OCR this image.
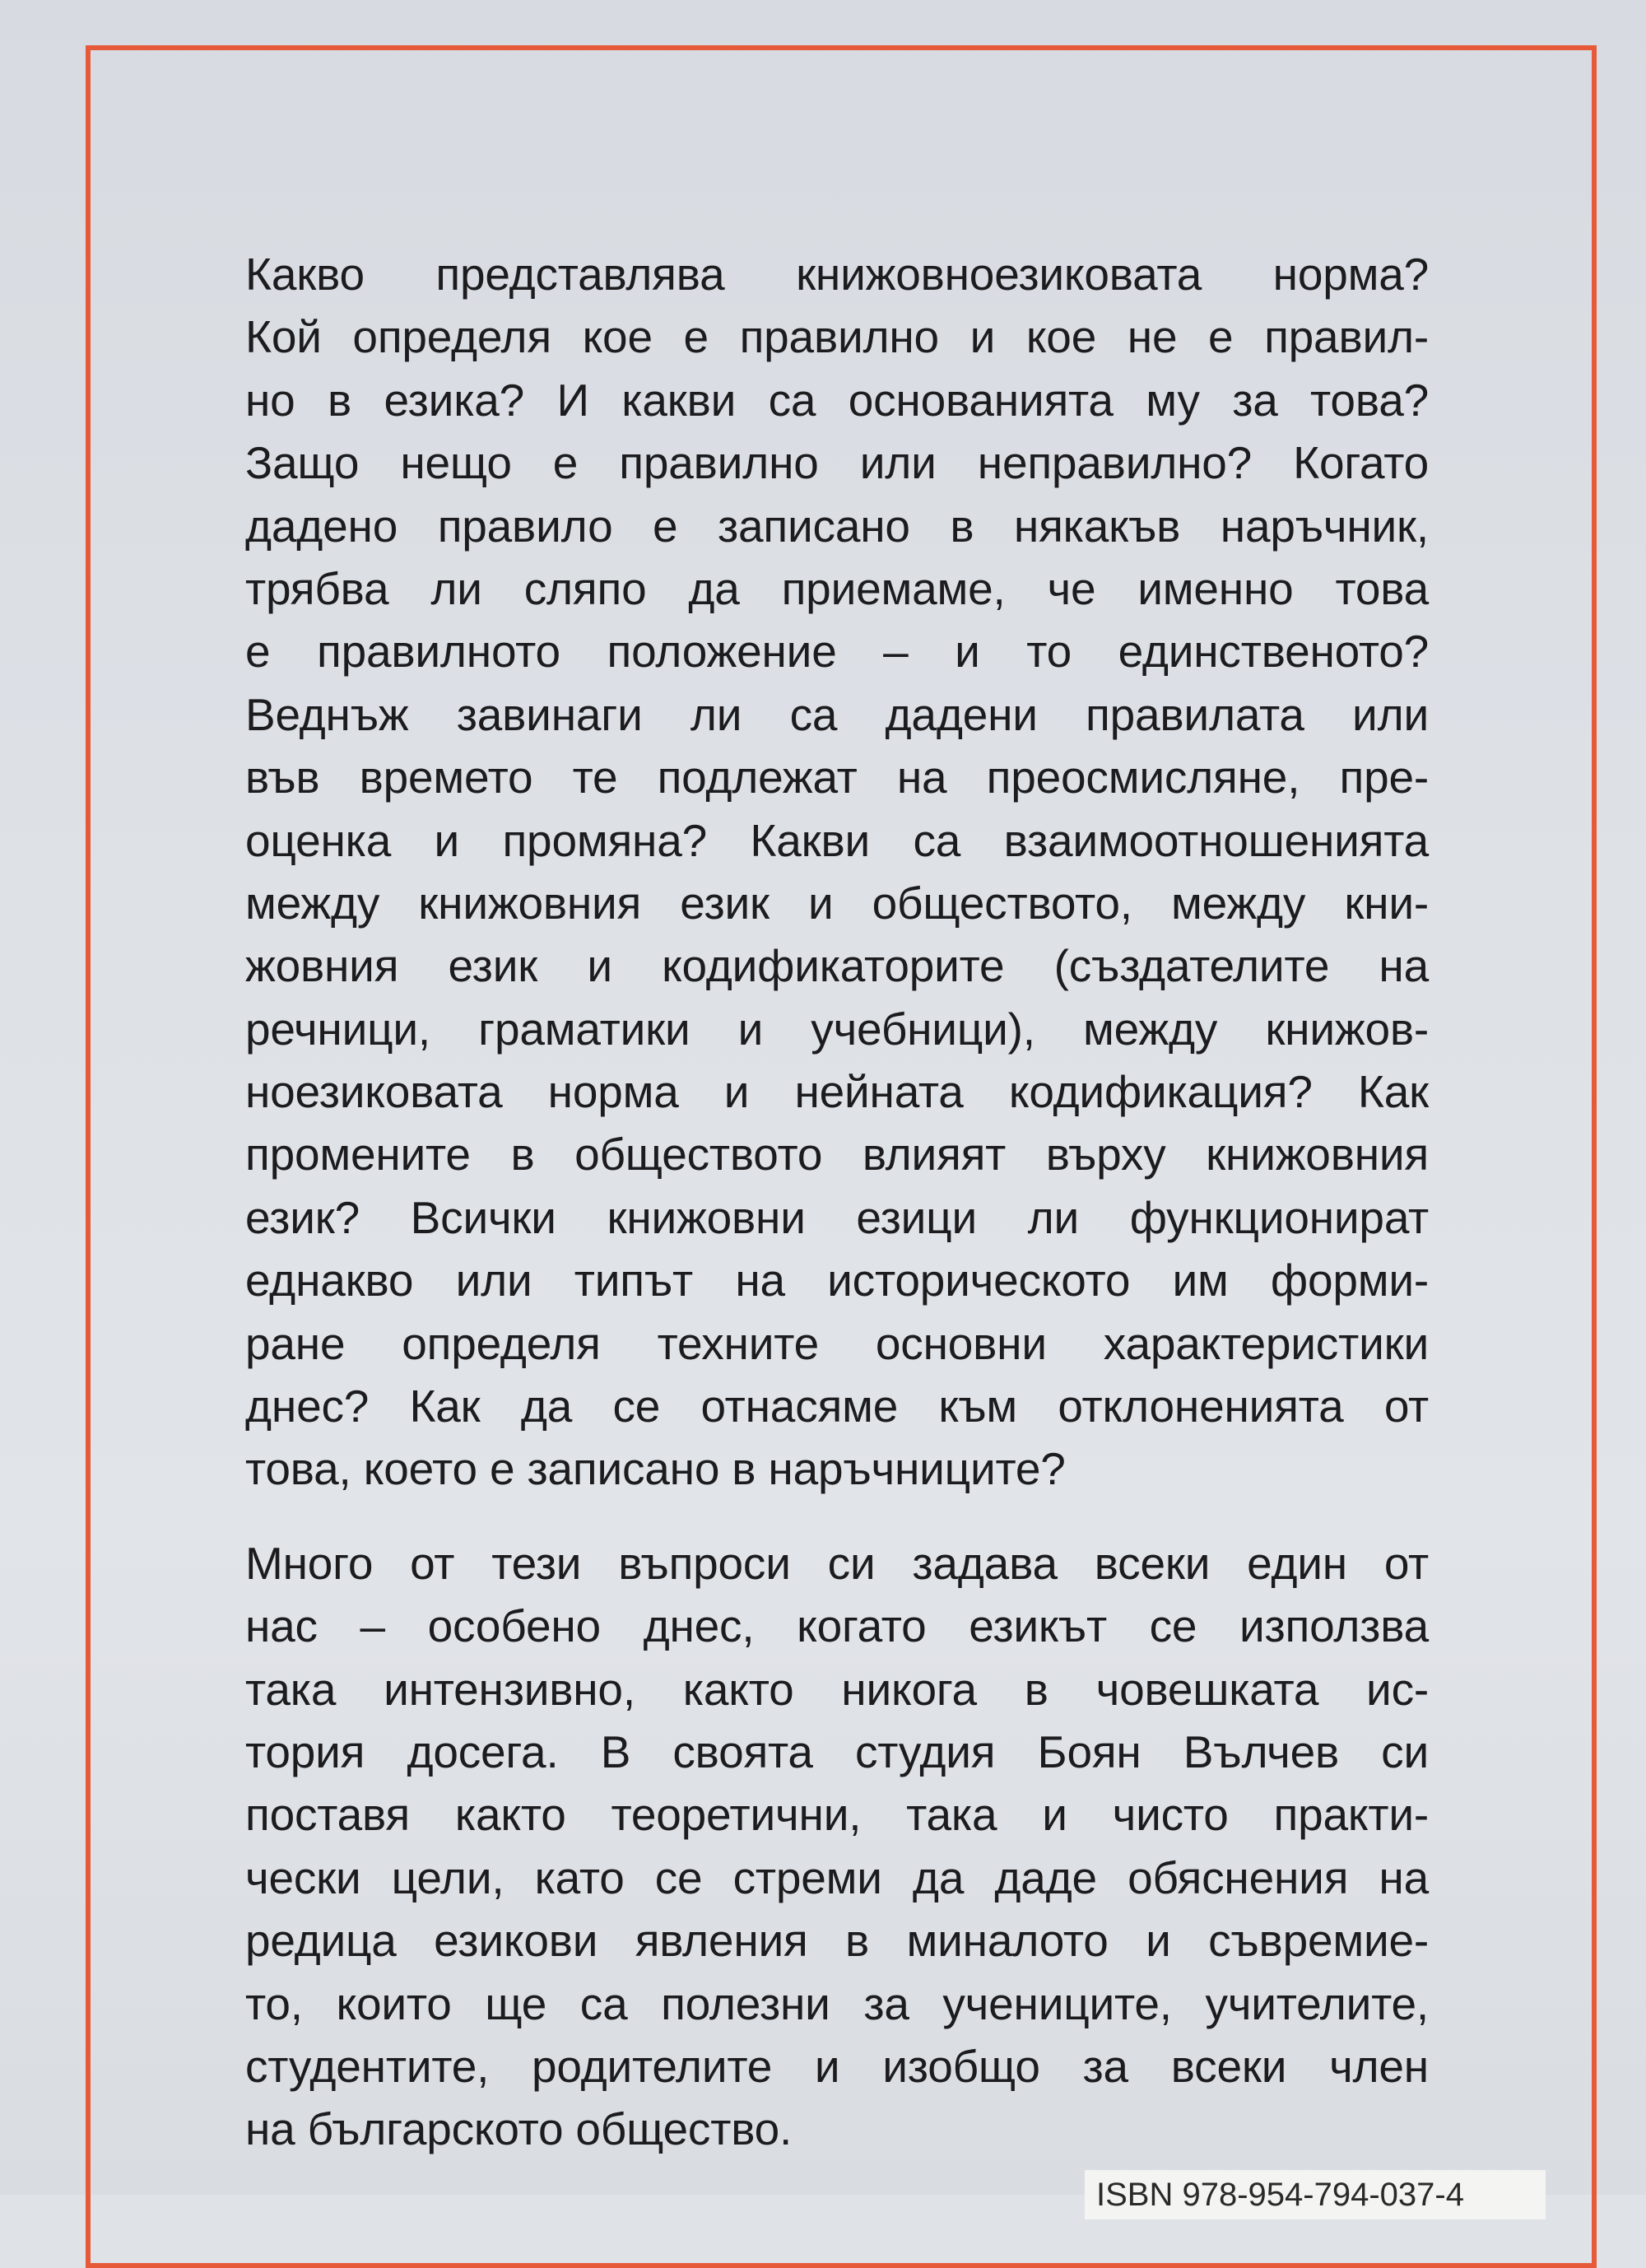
Какво представлява книжовноезиковата норма?
Кой определя кое е правилно и кое не е правил-
но в езика? И какви са основанията му за това?
Защо нещо е правилно или неправилно? Когато
дадено правило е записано в някакъв наръчник,
трябва ли сляпо да приемаме, че именно това
е правилното положение – и то единственото?
Веднъж завинаги ли са дадени правилата или
във времето те подлежат на преосмисляне, пре-
оценка и промяна? Какви са взаимоотношенията
между книжовния език и обществото, между кни-
жовния език и кодификаторите (създателите на
речници, граматики и учебници), между книжов-
ноезиковата норма и нейната кодификация? Как
промените в обществото влияят върху книжовния
език? Всички книжовни езици ли функционират
еднакво или типът на историческото им форми-
ране определя техните основни характеристики
днес? Как да се отнасяме към отклоненията от
това, което е записано в наръчниците?
Много от тези въпроси си задава всеки един от
нас – особено днес, когато езикът се използва
така интензивно, както никога в човешката ис-
тория досега. В своята студия Боян Вълчев си
поставя както теоретични, така и чисто практи-
чески цели, като се стреми да даде обяснения на
редица езикови явления в миналото и съвремие-
то, които ще са полезни за учениците, учителите,
студентите, родителите и изобщо за всеки член
на българското общество.
ISBN 978-954-794-037-4
